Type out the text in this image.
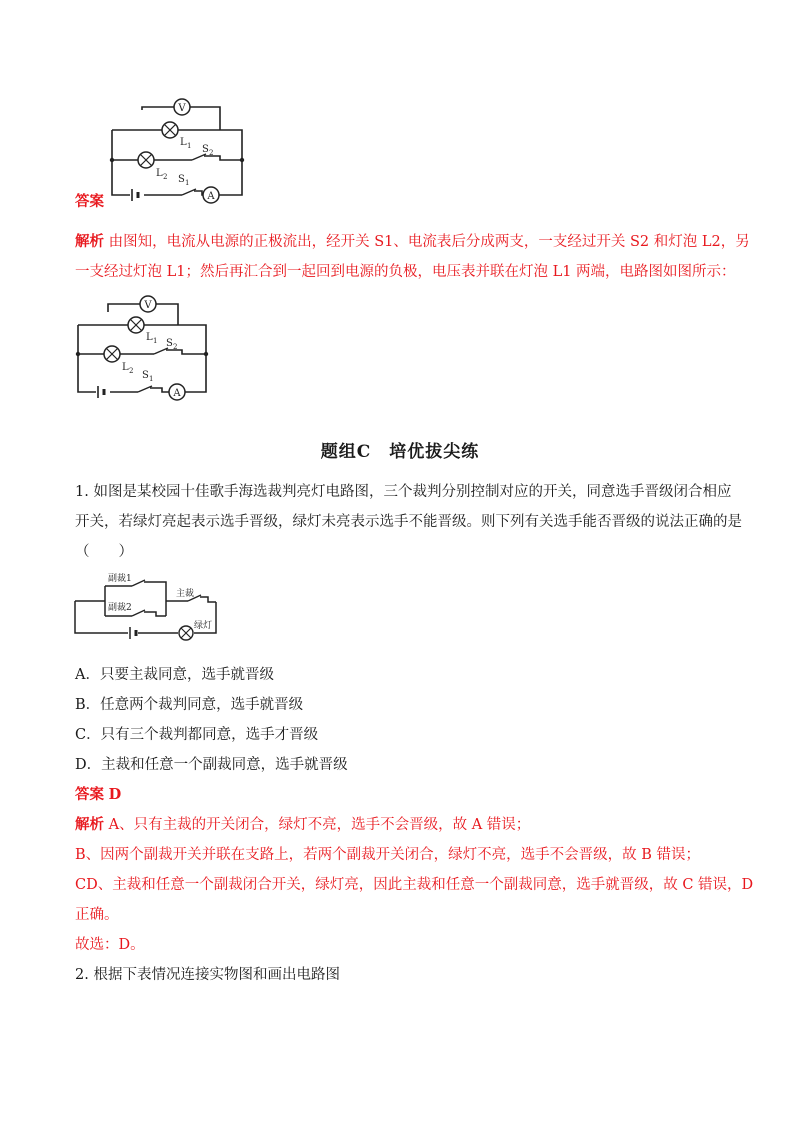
V
L 1 S 2
L 2 S 1
A
答案
解析 由图知，电流从电源的正极流出，经开关 S1、电流表后分成两支，一支经过开关 S2 和灯泡 L2，另
一支经过灯泡 L1；然后再汇合到一起回到电源的负极，电压表并联在灯泡 L1 两端，电路图如图所示：
V
L 1 S 2
L 2 S 1
A
题组C　培优拔尖练
1. 如图是某校园十佳歌手海选裁判亮灯电路图，三个裁判分别控制对应的开关，同意选手晋级闭合相应
开关，若绿灯亮起表示选手晋级，绿灯未亮表示选手不能晋级。则下列有关选手能否晋级的说法正确的是
（　　）
副裁1
副裁2
主裁
绿灯
A．只要主裁同意，选手就晋级
B．任意两个裁判同意，选手就晋级
C．只有三个裁判都同意，选手才晋级
D．主裁和任意一个副裁同意，选手就晋级
答案 D
解析 A、只有主裁的开关闭合，绿灯不亮，选手不会晋级，故 A 错误；
B、因两个副裁开关并联在支路上，若两个副裁开关闭合，绿灯不亮，选手不会晋级，故 B 错误；
CD、主裁和任意一个副裁闭合开关，绿灯亮，因此主裁和任意一个副裁同意，选手就晋级，故 C 错误，D
正确。
故选：D。
2. 根据下表情况连接实物图和画出电路图
